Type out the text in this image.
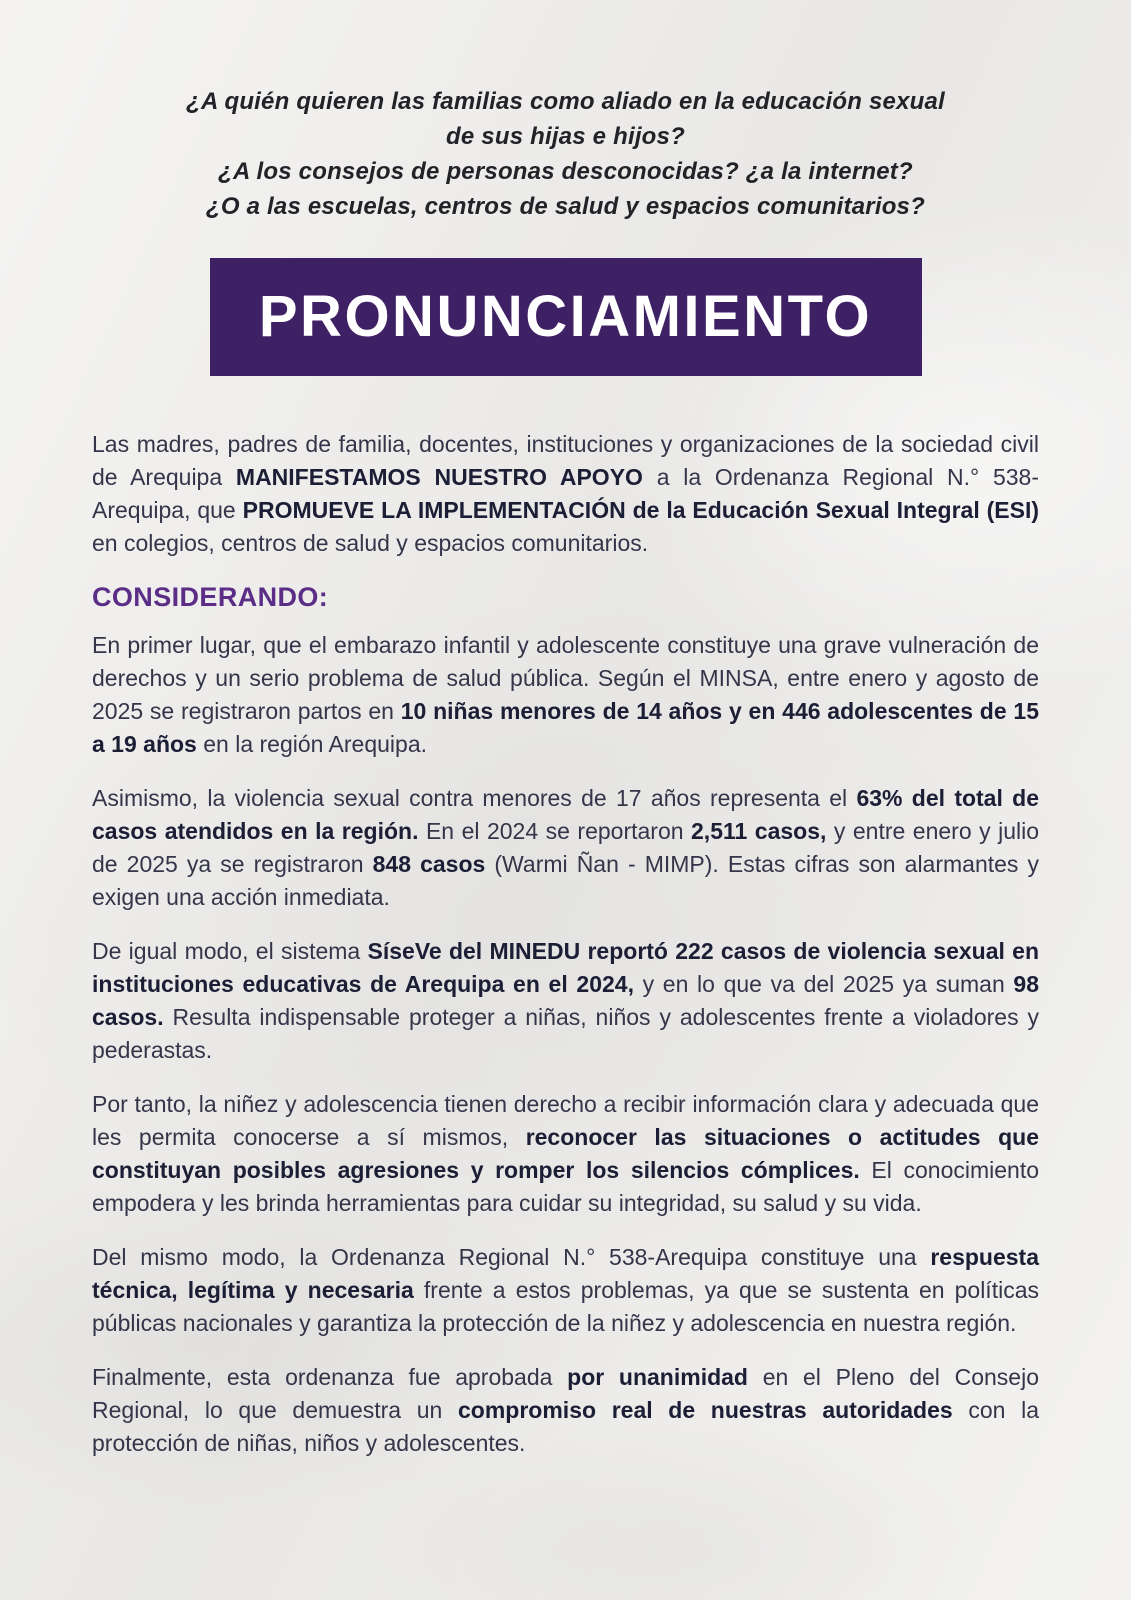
¿A quién quieren las familias como aliado en la educación sexual
de sus hijas e hijos?
¿A los consejos de personas desconocidas? ¿a la internet?
¿O a las escuelas, centros de salud y espacios comunitarios?
PRONUNCIAMIENTO

Las madres, padres de familia, docentes, instituciones y organizaciones de la sociedad civil de Arequipa MANIFESTAMOS NUESTRO APOYO a la Ordenanza Regional N.° 538-Arequipa, que PROMUEVE LA IMPLEMENTACIÓN de la Educación Sexual Integral (ESI) en colegios, centros de salud y espacios comunitarios.

CONSIDERANDO:

En primer lugar, que el embarazo infantil y adolescente constituye una grave vulneración de derechos y un serio problema de salud pública. Según el MINSA, entre enero y agosto de 2025 se registraron partos en 10 niñas menores de 14 años y en 446 adolescentes de 15 a 19 años en la región Arequipa.

Asimismo, la violencia sexual contra menores de 17 años representa el 63% del total de casos atendidos en la región. En el 2024 se reportaron 2,511 casos, y entre enero y julio de 2025 ya se registraron 848 casos (Warmi Ñan - MIMP). Estas cifras son alarmantes y exigen una acción inmediata.

De igual modo, el sistema SíseVe del MINEDU reportó 222 casos de violencia sexual en instituciones educativas de Arequipa en el 2024, y en lo que va del 2025 ya suman 98 casos. Resulta indispensable proteger a niñas, niños y adolescentes frente a violadores y pederastas.

Por tanto, la niñez y adolescencia tienen derecho a recibir información clara y adecuada que les permita conocerse a sí mismos, reconocer las situaciones o actitudes que constituyan posibles agresiones y romper los silencios cómplices. El conocimiento empodera y les brinda herramientas para cuidar su integridad, su salud y su vida.

Del mismo modo, la Ordenanza Regional N.° 538-Arequipa constituye una respuesta técnica, legítima y necesaria frente a estos problemas, ya que se sustenta en políticas públicas nacionales y garantiza la protección de la niñez y adolescencia en nuestra región.

Finalmente, esta ordenanza fue aprobada por unanimidad en el Pleno del Consejo Regional, lo que demuestra un compromiso real de nuestras autoridades con la protección de niñas, niños y adolescentes.
